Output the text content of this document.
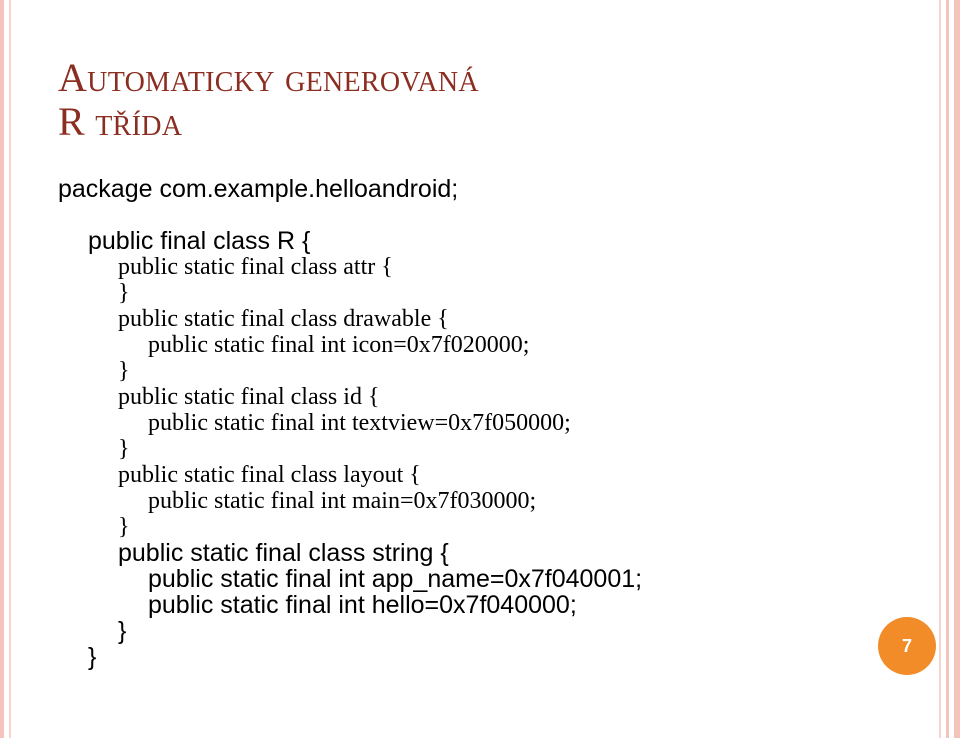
Automaticky generovaná
R třída
package com.example.helloandroid;
public final class R {
public static final class attr {
}
public static final class drawable {
public static final int icon=0x7f020000;
}
public static final class id {
public static final int textview=0x7f050000;
}
public static final class layout {
public static final int main=0x7f030000;
}
public static final class string {
public static final int app_name=0x7f040001;
public static final int hello=0x7f040000;
}
}	7
